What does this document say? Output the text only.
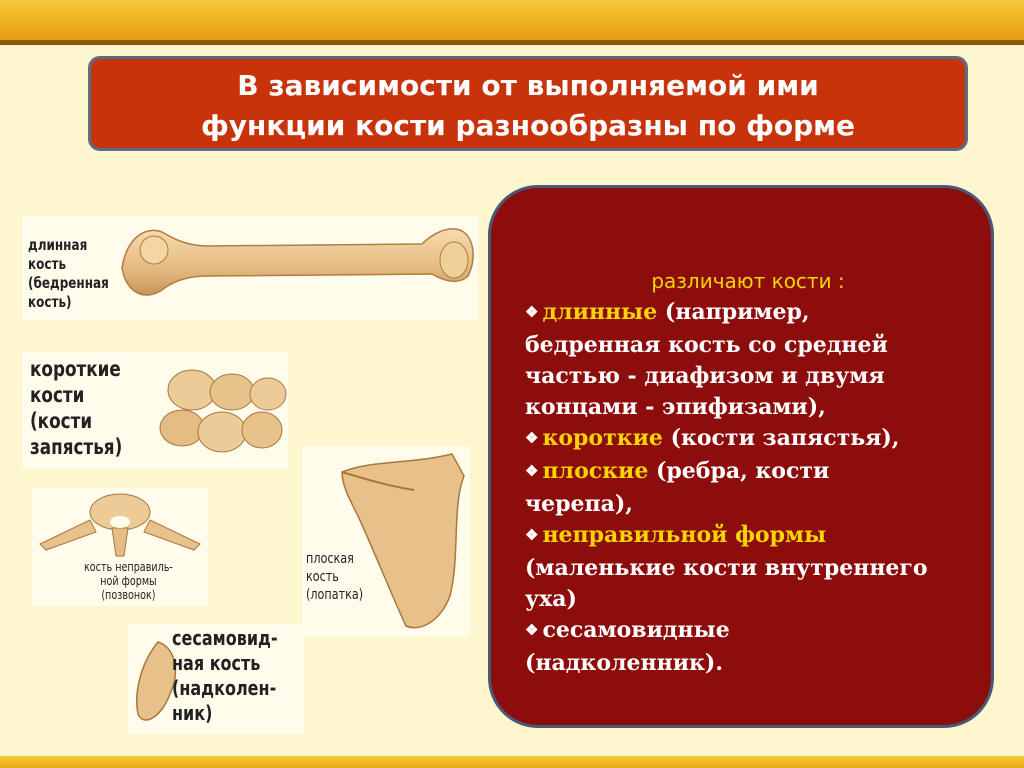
В зависимости от выполняемой ими
функции кости разнообразны по форме
длинная
кость
(бедренная
кость)
короткие
кости
(кости
запястья)
кость неправиль-
ной формы
(позвонок)
плоская
кость
(лопатка)
сесамовид-
ная кость
(надколен-
ник)
различают кости :
❖ длинные (например,
бедренная кость со средней
частью - диафизом и двумя
концами - эпифизами),
❖ короткие (кости запястья),
❖ плоские (ребра, кости
черепа),
❖ неправильной формы
(маленькие кости внутреннего
уха)
❖ сесамовидные
(надколенник).
